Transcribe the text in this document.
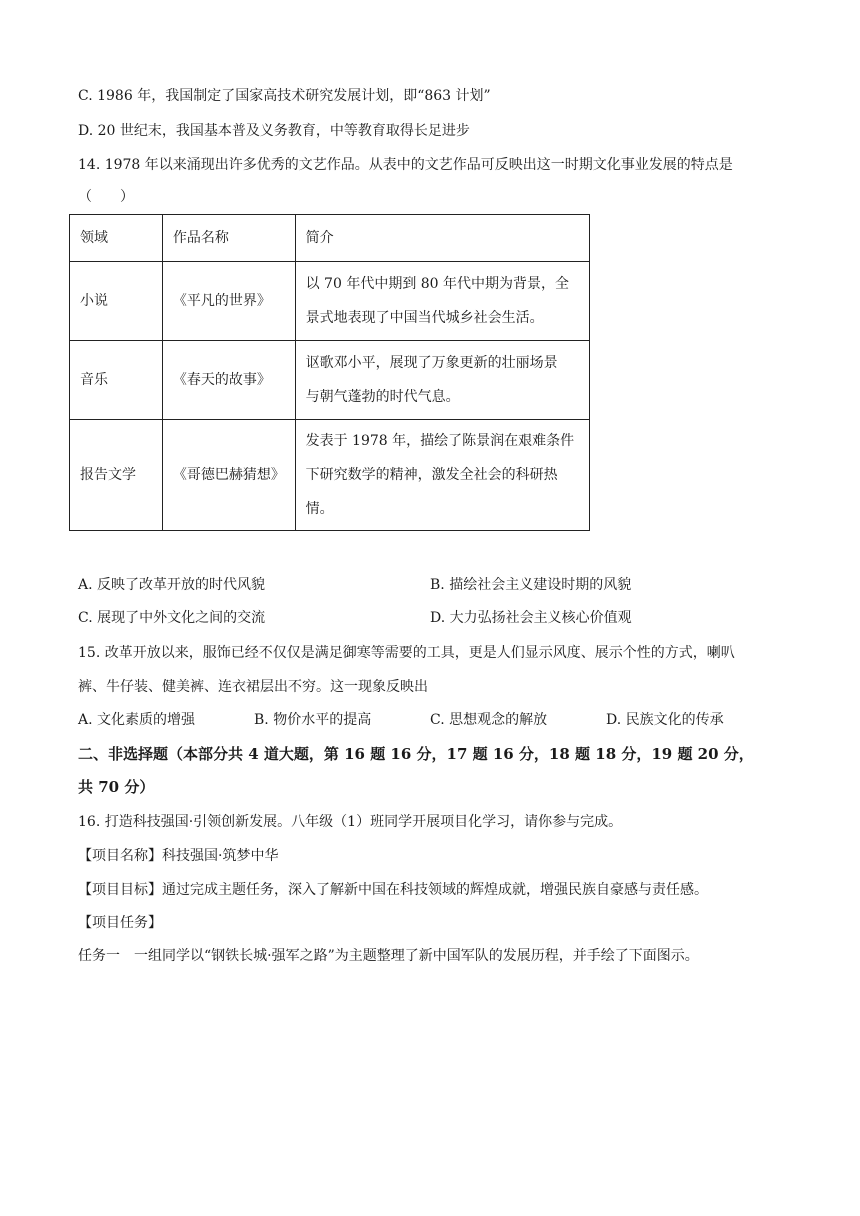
C. 1986 年，我国制定了国家高技术研究发展计划，即“863 计划”
D. 20 世纪末，我国基本普及义务教育，中等教育取得长足进步
14. 1978 年以来涌现出许多优秀的文艺作品。从表中的文艺作品可反映出这一时期文化事业发展的特点是
（　　）
领域	作品名称	简介
小说	《平凡的世界》	以 70 年代中期到 80 年代中期为背景，全
景式地表现了中国当代城乡社会生活。

音乐	《春天的故事》	讴歌邓小平，展现了万象更新的壮丽场景
与朝气蓬勃的时代气息。

报告文学	《哥德巴赫猜想》	发表于 1978 年，描绘了陈景润在艰难条件
下研究数学的精神，激发全社会的科研热
情。
A. 反映了改革开放的时代风貌	B. 描绘社会主义建设时期的风貌
C. 展现了中外文化之间的交流	D. 大力弘扬社会主义核心价值观
15. 改革开放以来，服饰已经不仅仅是满足御寒等需要的工具，更是人们显示风度、展示个性的方式，喇叭
裤、牛仔装、健美裤、连衣裙层出不穷。这一现象反映出
A. 文化素质的增强	B. 物价水平的提高	C. 思想观念的解放	D. 民族文化的传承
二、非选择题（本部分共 4 道大题，第 16 题 16 分，17 题 16 分，18 题 18 分，19 题 20 分，
共 70 分）
16. 打造科技强国·引领创新发展。八年级（1）班同学开展项目化学习，请你参与完成。
【项目名称】科技强国·筑梦中华
【项目目标】通过完成主题任务，深入了解新中国在科技领域的辉煌成就，增强民族自豪感与责任感。
【项目任务】
任务一　一组同学以“钢铁长城·强军之路”为主题整理了新中国军队的发展历程，并手绘了下面图示。
